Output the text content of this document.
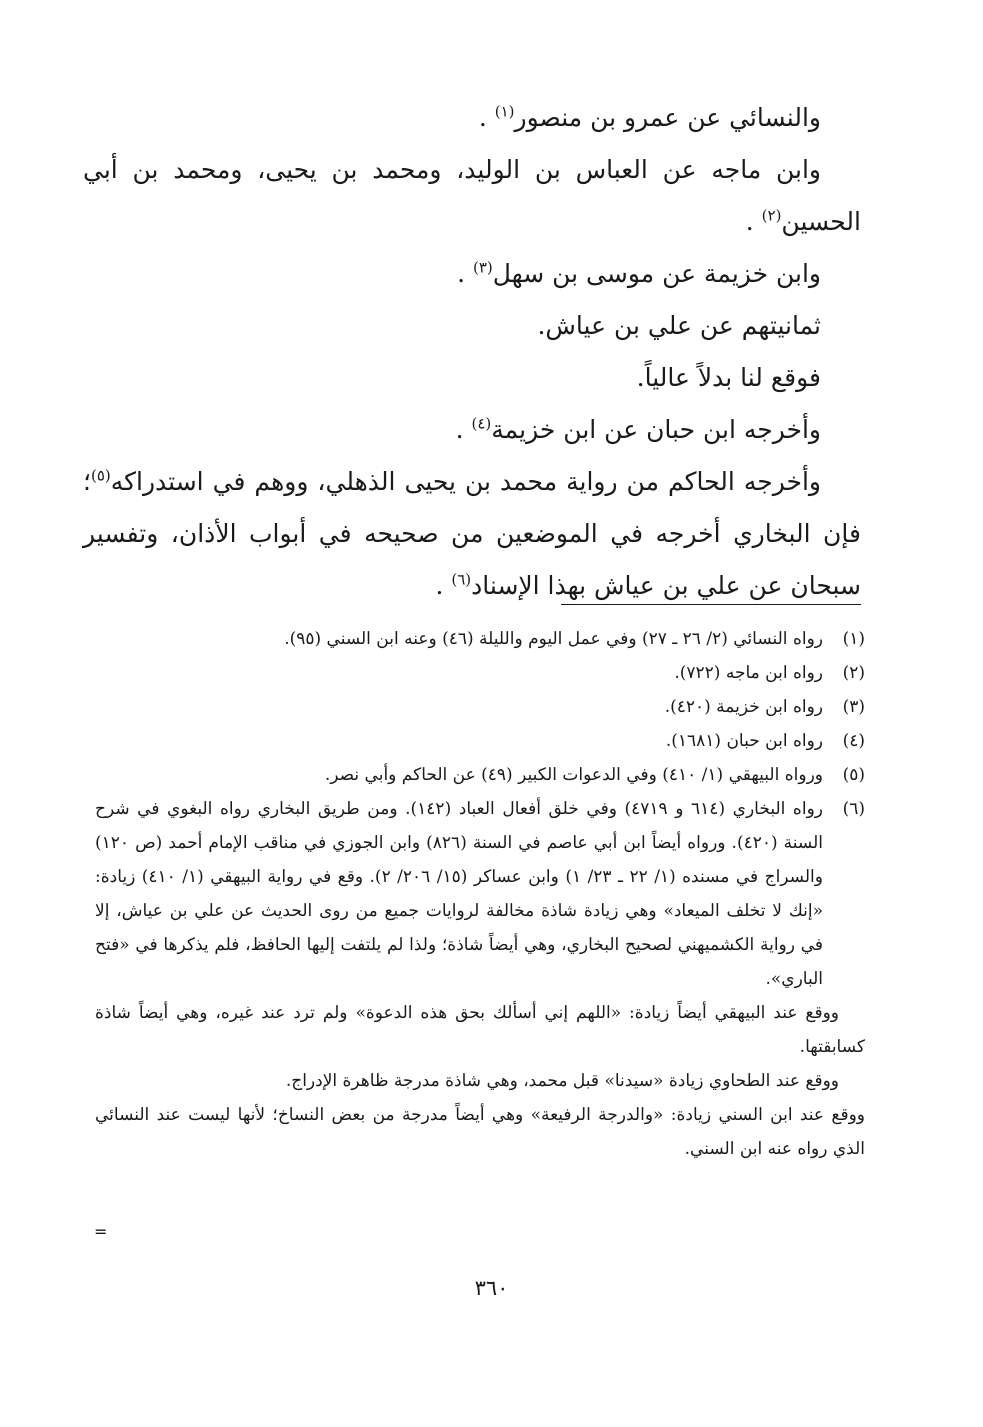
والنسائي عن عمرو بن منصور$^{(١)}$ .

وابن ماجه عن العباس بن الوليد، ومحمد بن يحيى، ومحمد بن أبي الحسين$^{(٢)}$ .

وابن خزيمة عن موسى بن سهل$^{(٣)}$ .

ثمانيتهم عن علي بن عياش.

فوقع لنا بدلاً عالياً.

وأخرجه ابن حبان عن ابن خزيمة$^{(٤)}$ .

وأخرجه الحاكم من رواية محمد بن يحيى الذهلي، ووهم في استدراكه$^{(٥)}$؛ فإن البخاري أخرجه في الموضعين من صحيحه في أبواب الأذان، وتفسير سبحان عن علي بن عياش بهذا الإسناد$^{(٦)}$ .

(١)
رواه النسائي (٢/ ٢٦ ـ ٢٧) وفي عمل اليوم والليلة (٤٦) وعنه ابن السني (٩٥).
(٢)
رواه ابن ماجه (٧٢٢).
(٣)
رواه ابن خزيمة (٤٢٠).
(٤)
رواه ابن حبان (١٦٨١).
(٥)
ورواه البيهقي (١/ ٤١٠) وفي الدعوات الكبير (٤٩) عن الحاكم وأبي نصر.
(٦)
رواه البخاري (٦١٤ و ٤٧١٩) وفي خلق أفعال العباد (١٤٢). ومن طريق البخاري رواه البغوي في شرح السنة (٤٢٠). ورواه أيضاً ابن أبي عاصم في السنة (٨٢٦) وابن الجوزي في مناقب الإمام أحمد (ص ١٢٠) والسراج في مسنده (١/ ٢٢ ـ ٢٣/ ١) وابن عساكر (١٥/ ٢٠٦/ ٢). وقع في رواية البيهقي (١/ ٤١٠) زيادة: «إنك لا تخلف الميعاد» وهي زيادة شاذة مخالفة لروايات جميع من روى الحديث عن علي بن عياش، إلا في رواية الكشميهني لصحيح البخاري، وهي أيضاً شاذة؛ ولذا لم يلتفت إليها الحافظ، فلم يذكرها في «فتح الباري».
ووقع عند البيهقي أيضاً زيادة: «اللهم إني أسألك بحق هذه الدعوة» ولم ترد عند غيره، وهي أيضاً شاذة كسابقتها.
ووقع عند الطحاوي زيادة «سيدنا» قبل محمد، وهي شاذة مدرجة ظاهرة الإدراج.
ووقع عند ابن السني زيادة: «والدرجة الرفيعة» وهي أيضاً مدرجة من بعض النساخ؛ لأنها ليست عند النسائي الذي رواه عنه ابن السني.
=
٣٦٠
